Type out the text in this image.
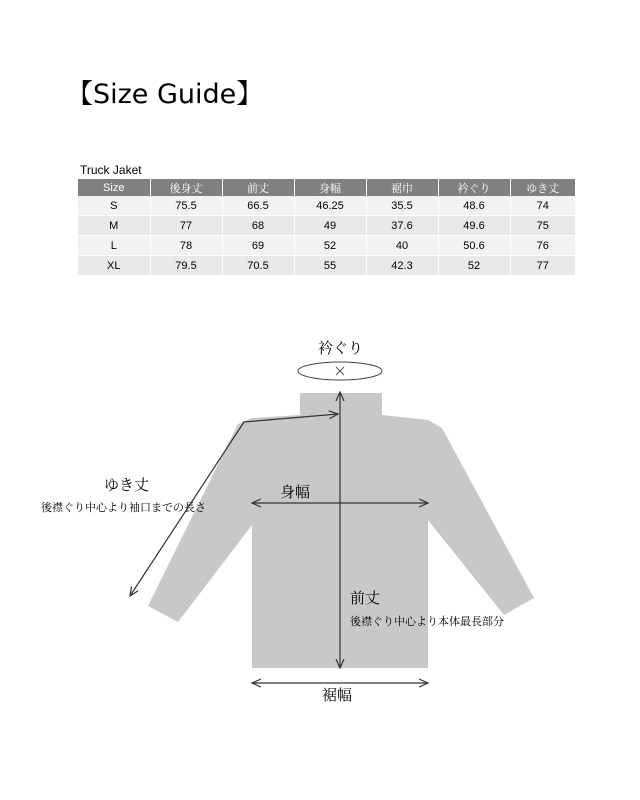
【Size Guide】
Truck Jaket
Size	後身丈	前丈	身幅	裾巾	衿ぐり	ゆき丈
S	75.5	66.5	46.25	35.5	48.6	74
M	77	68	49	37.6	49.6	75
L	78	69	52	40	50.6	76
XL	79.5	70.5	55	42.3	52	77
衿ぐり
ゆき丈
後襟ぐり中心より袖口までの長さ
身幅
前丈
後襟ぐり中心より本体最長部分
裾幅
